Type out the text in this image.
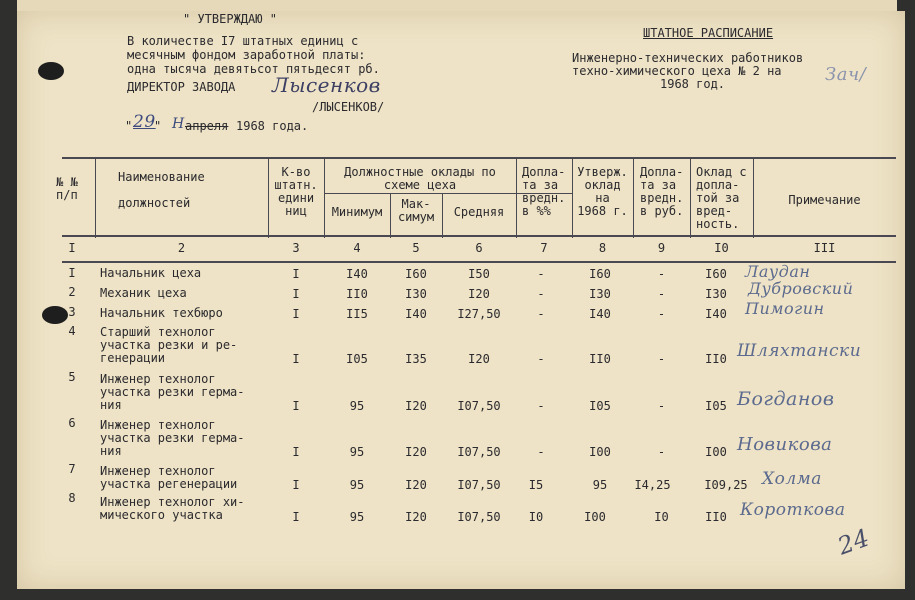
" УТВЕРЖДАЮ "
В количестве I7 штатных единиц с
месячным фондом заработной платы:
одна тысяча девятьсот пятьдесят рб.
ДИРЕКТОР ЗАВОДА Лысенков
/ЛЫСЕНКОВ/
" 29
" Н апреля 1968 года.
ШТАТНОЕ РАСПИСАНИЕ
Инженерно-технических работников
техно-химического цеха № 2 на
1968 год.	Зач/
№ №
п/п
Наименование
должностей
К-во
штатн.
едини
ниц
Должностные оклады по
схеме цеха
Минимум
Мак-
симум	Средняя
Допла-
та за
вредн.
в %%
Утверж.
оклад
на
1968 г.
Допла-
та за
вредн.
в руб.
Оклад с
допла-
той за
вред-
ность.
Примечание
I	2	3	4	5	6	7	8	9	I0	III
I	Начальник цеха	I	I40	I60	I50	-	I60	-	I60	Лаудан
2	Механик цеха	I	II0	I30	I20	-	I30	-	I30	Дубровский
3	Начальник техбюро	I	II5	I40	I27,50	-	I40	-	I40	Пимогин
4	Старший технолог
участка резки и ре-
генерации	I	I05	I35	I20	-	II0	-	II0 Шляхтански
5	Инженер технолог
участка резки герма-
ния	I	95	I20	I07,50	-	I05	-	I05 Богданов
6	Инженер технолог
участка резки герма-
ния	I	95	I20	I07,50	-	I00	-	I00 Новикова
7	Инженер технолог
участка регенерации	I	95	I20	I07,50	I5	95	I4,25	I09,25 Холма
8	Инженер технолог хи-
мического участка	I	95	I20	I07,50	I0	I00	I0	II0 Короткова
24
